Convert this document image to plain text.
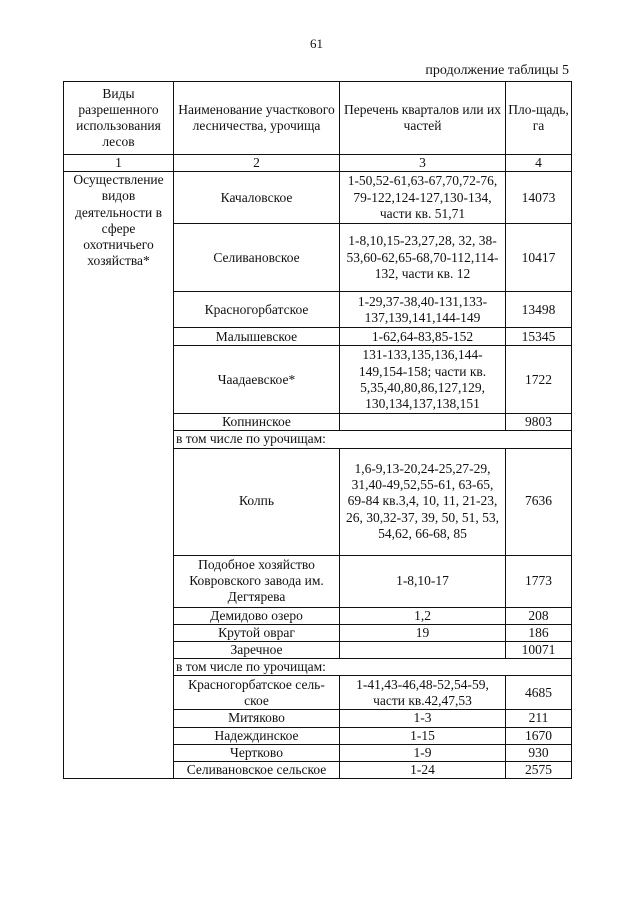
61
продолжение таблицы 5
Виды разрешенного использования лесов	Наименование участкового лесничества, урочища	Перечень кварталов или их частей	Пло-щадь, га
1	2	3	4
Осуществление видов деятельности в сфере охотничьего хозяйства*	Качаловское	1-50,52-61,63-67,70,72-76, 79-122,124-127,130-134, части кв. 51,71	14073
	Селивановское	1-8,10,15-23,27,28, 32, 38-53,60-62,65-68,70-112,114-132, части кв. 12	10417
	Красногорбатское	1-29,37-38,40-131,133-137,139,141,144-149	13498
	Малышевское	1-62,64-83,85-152	15345
	Чаадаевское*	131-133,135,136,144-149,154-158; части кв. 5,35,40,80,86,127,129, 130,134,137,138,151	1722
	Копнинское		9803
	в том числе по урочищам:		
	Колпь	1,6-9,13-20,24-25,27-29, 31,40-49,52,55-61, 63-65, 69-84 кв.3,4, 10, 11, 21-23, 26, 30,32-37, 39, 50, 51, 53, 54,62, 66-68, 85	7636
	Подобное хозяйство Ковровского завода им. Дегтярева	1-8,10-17	1773
	Демидово озеро	1,2	208
	Крутой овраг	19	186
	Заречное		10071
	в том числе по урочищам:		
	Красногорбатское сель-ское	1-41,43-46,48-52,54-59, части кв.42,47,53	4685
	Митяково	1-3	211
	Надеждинское	1-15	1670
	Чертково	1-9	930
	Селивановское сельское	1-24	2575
